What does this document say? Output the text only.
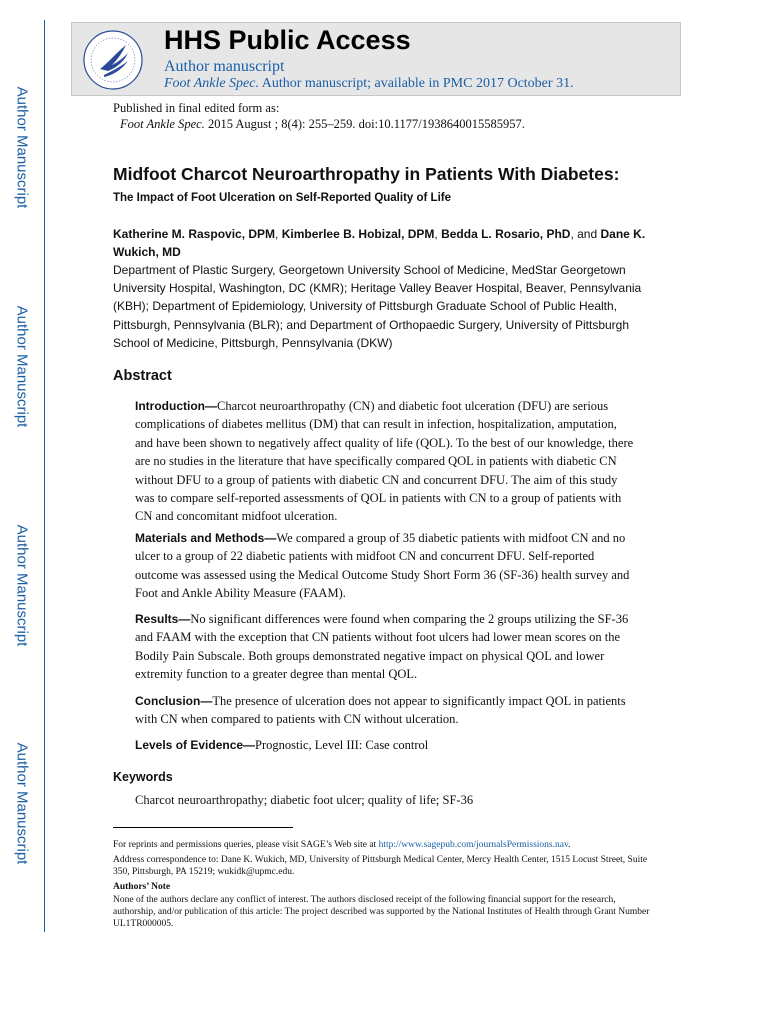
Author Manuscript
Author Manuscript
Author Manuscript
Author Manuscript
HHS Public Access
Author manuscript
Foot Ankle Spec. Author manuscript; available in PMC 2017 October 31.
Published in final edited form as:
Foot Ankle Spec. 2015 August ; 8(4): 255–259. doi:10.1177/1938640015585957.
Midfoot Charcot Neuroarthropathy in Patients With Diabetes:
The Impact of Foot Ulceration on Self-Reported Quality of Life
Katherine M. Raspovic, DPM, Kimberlee B. Hobizal, DPM, Bedda L. Rosario, PhD, and Dane K. Wukich, MD
Department of Plastic Surgery, Georgetown University School of Medicine, MedStar Georgetown University Hospital, Washington, DC (KMR); Heritage Valley Beaver Hospital, Beaver, Pennsylvania (KBH); Department of Epidemiology, University of Pittsburgh Graduate School of Public Health, Pittsburgh, Pennsylvania (BLR); and Department of Orthopaedic Surgery, University of Pittsburgh School of Medicine, Pittsburgh, Pennsylvania (DKW)
Abstract
Introduction—Charcot neuroarthropathy (CN) and diabetic foot ulceration (DFU) are serious complications of diabetes mellitus (DM) that can result in infection, hospitalization, amputation, and have been shown to negatively affect quality of life (QOL). To the best of our knowledge, there are no studies in the literature that have specifically compared QOL in patients with diabetic CN without DFU to a group of patients with diabetic CN and concurrent DFU. The aim of this study was to compare self-reported assessments of QOL in patients with CN to a group of patients with CN and concomitant midfoot ulceration.
Materials and Methods—We compared a group of 35 diabetic patients with midfoot CN and no ulcer to a group of 22 diabetic patients with midfoot CN and concurrent DFU. Self-reported outcome was assessed using the Medical Outcome Study Short Form 36 (SF-36) health survey and Foot and Ankle Ability Measure (FAAM).
Results—No significant differences were found when comparing the 2 groups utilizing the SF-36 and FAAM with the exception that CN patients without foot ulcers had lower mean scores on the Bodily Pain Subscale. Both groups demonstrated negative impact on physical QOL and lower extremity function to a greater degree than mental QOL.
Conclusion—The presence of ulceration does not appear to significantly impact QOL in patients with CN when compared to patients with CN without ulceration.
Levels of Evidence—Prognostic, Level III: Case control
Keywords
Charcot neuroarthropathy; diabetic foot ulcer; quality of life; SF-36
For reprints and permissions queries, please visit SAGE’s Web site at http://www.sagepub.com/journalsPermissions.nav.
Address correspondence to: Dane K. Wukich, MD, University of Pittsburgh Medical Center, Mercy Health Center, 1515 Locust Street, Suite 350, Pittsburgh, PA 15219; wukidk@upmc.edu.
Authors’ Note
None of the authors declare any conflict of interest. The authors disclosed receipt of the following financial support for the research, authorship, and/or publication of this article: The project described was supported by the National Institutes of Health through Grant Number UL1TR000005.
